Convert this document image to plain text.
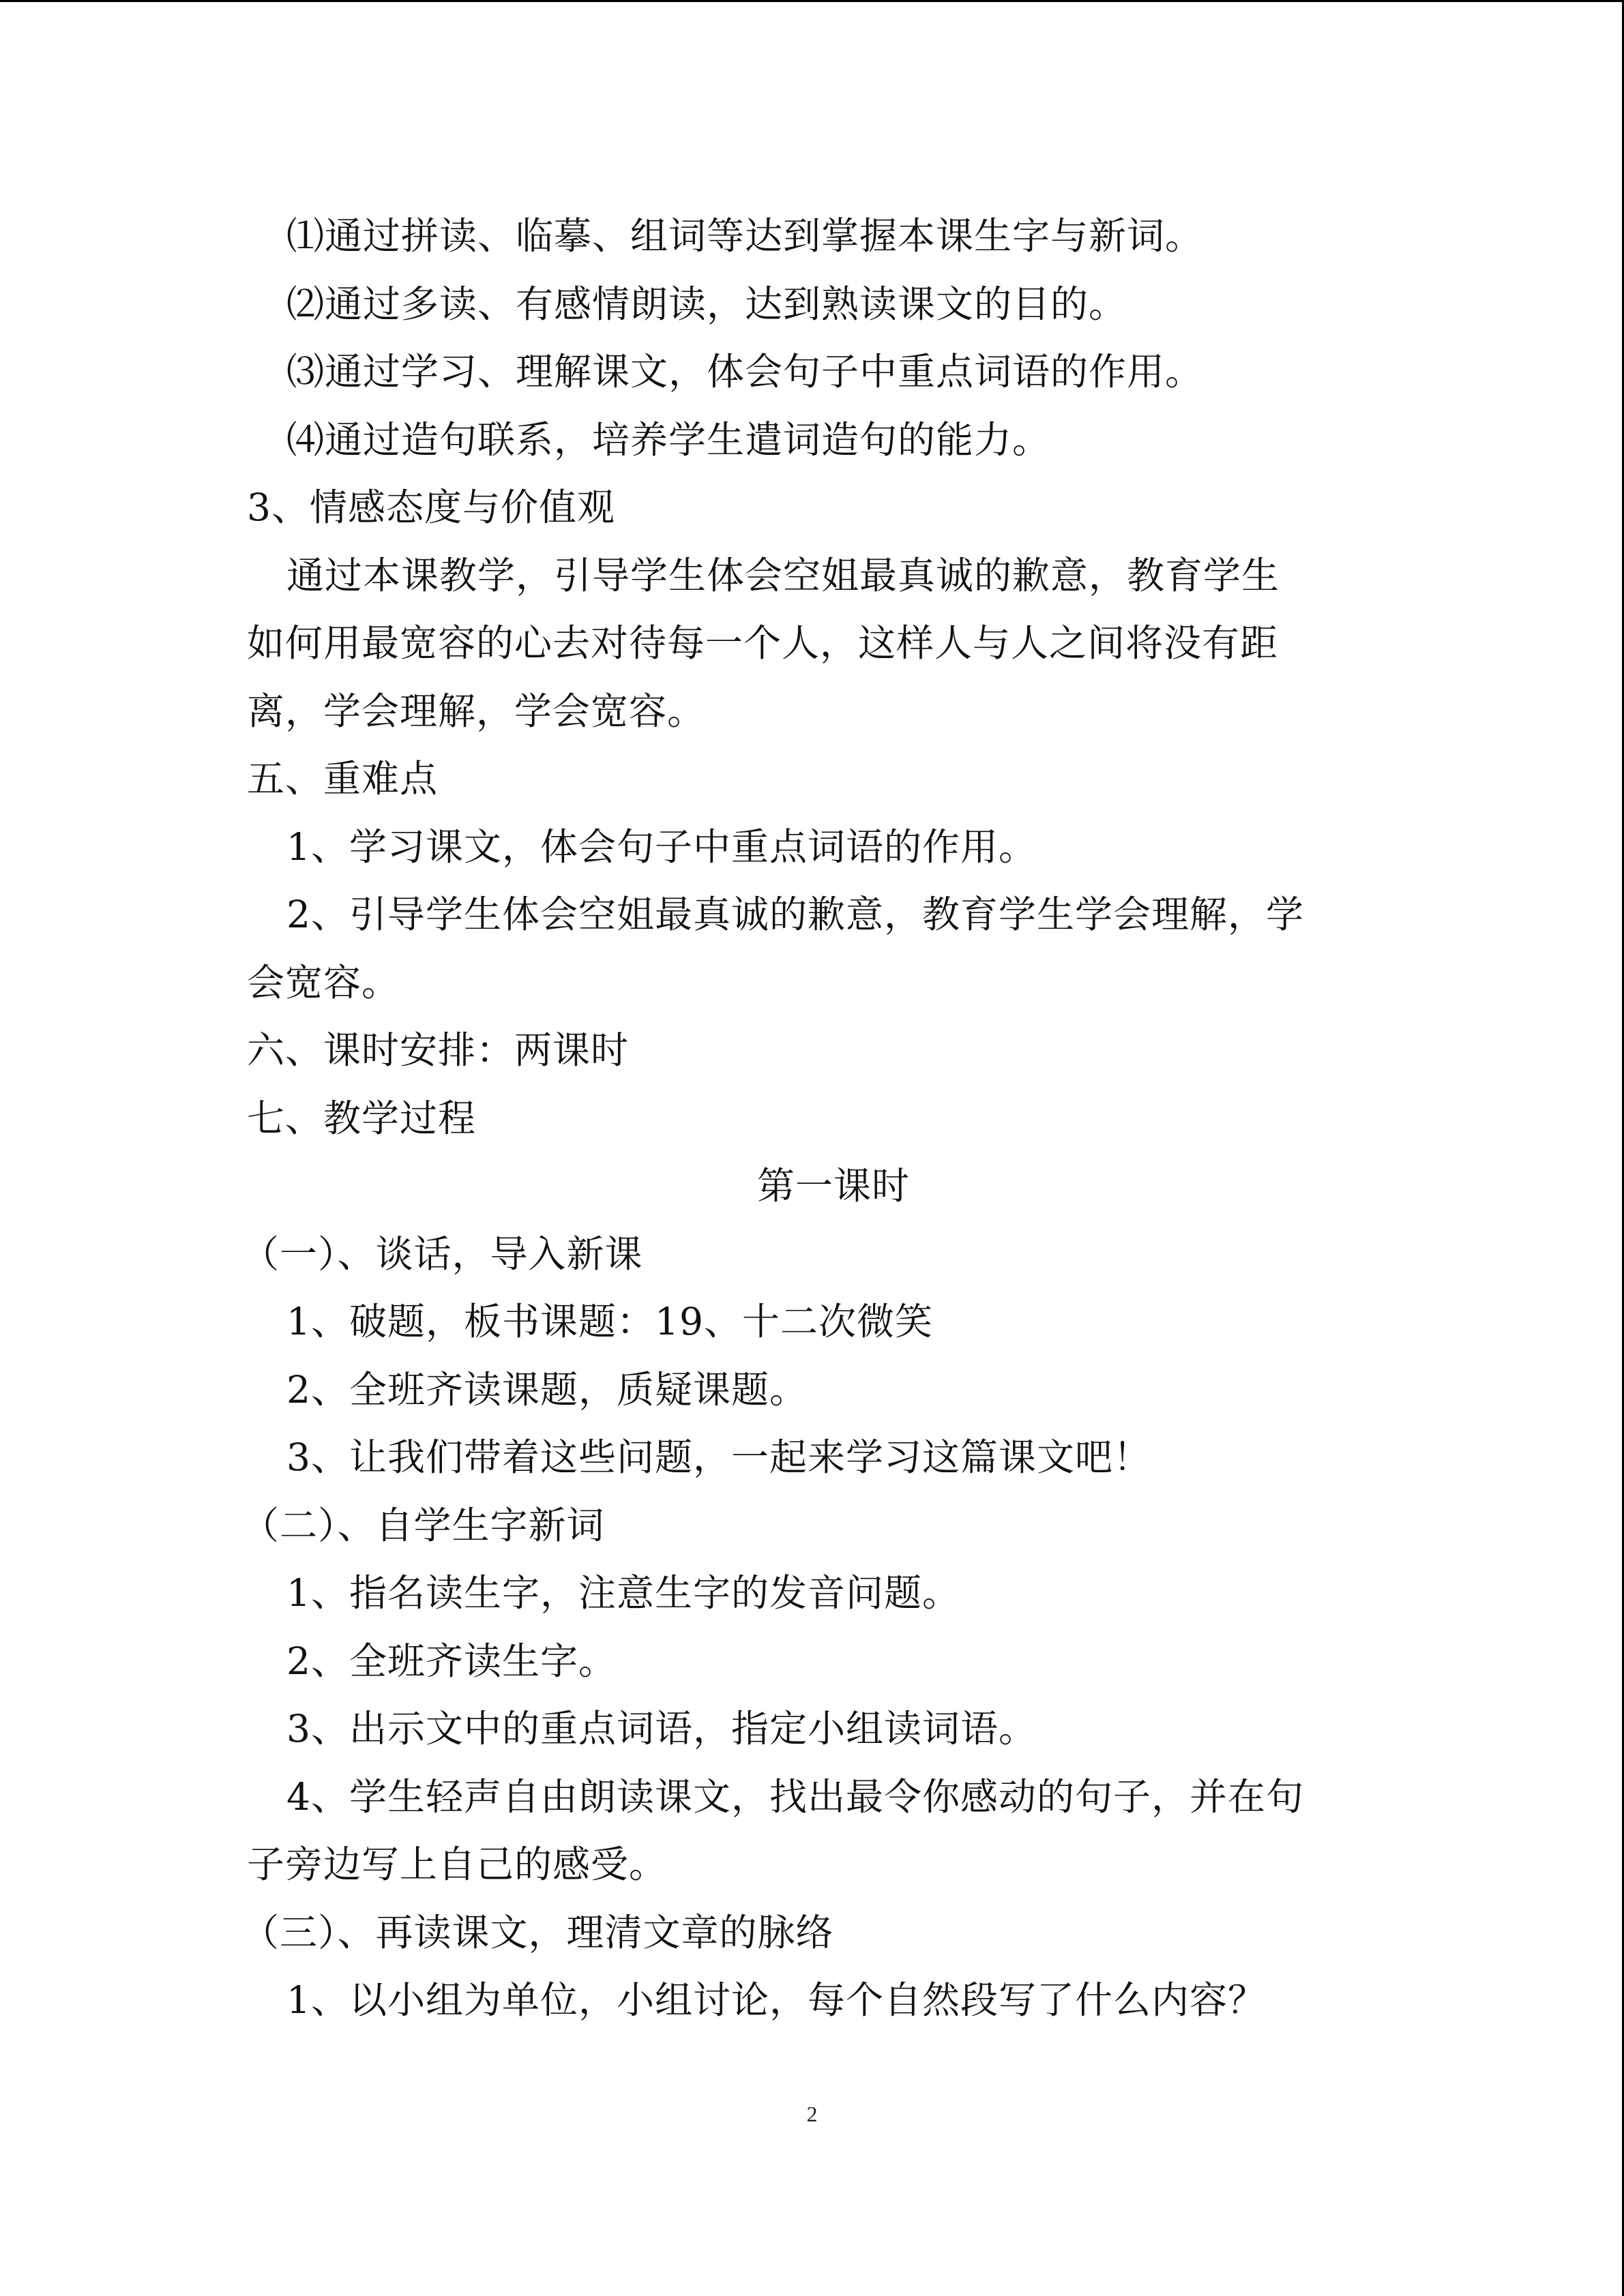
⑴通过拼读、临摹、组词等达到掌握本课生字与新词。
⑵通过多读、有感情朗读，达到熟读课文的目的。
⑶通过学习、理解课文，体会句子中重点词语的作用。
⑷通过造句联系，培养学生遣词造句的能力。
3、情感态度与价值观
通过本课教学，引导学生体会空姐最真诚的歉意，教育学生
如何用最宽容的心去对待每一个人，这样人与人之间将没有距
离，学会理解，学会宽容。
五、重难点
1、学习课文，体会句子中重点词语的作用。
2、引导学生体会空姐最真诚的歉意，教育学生学会理解，学
会宽容。
六、课时安排：两课时
七、教学过程
第一课时
（一）、谈话，导入新课
1、破题，板书课题：19、十二次微笑
2、全班齐读课题，质疑课题。
3、让我们带着这些问题，一起来学习这篇课文吧！
（二）、自学生字新词
1、指名读生字，注意生字的发音问题。
2、全班齐读生字。
3、出示文中的重点词语，指定小组读词语。
4、学生轻声自由朗读课文，找出最令你感动的句子，并在句
子旁边写上自己的感受。
（三）、再读课文，理清文章的脉络
1、以小组为单位，小组讨论，每个自然段写了什么内容？
2
